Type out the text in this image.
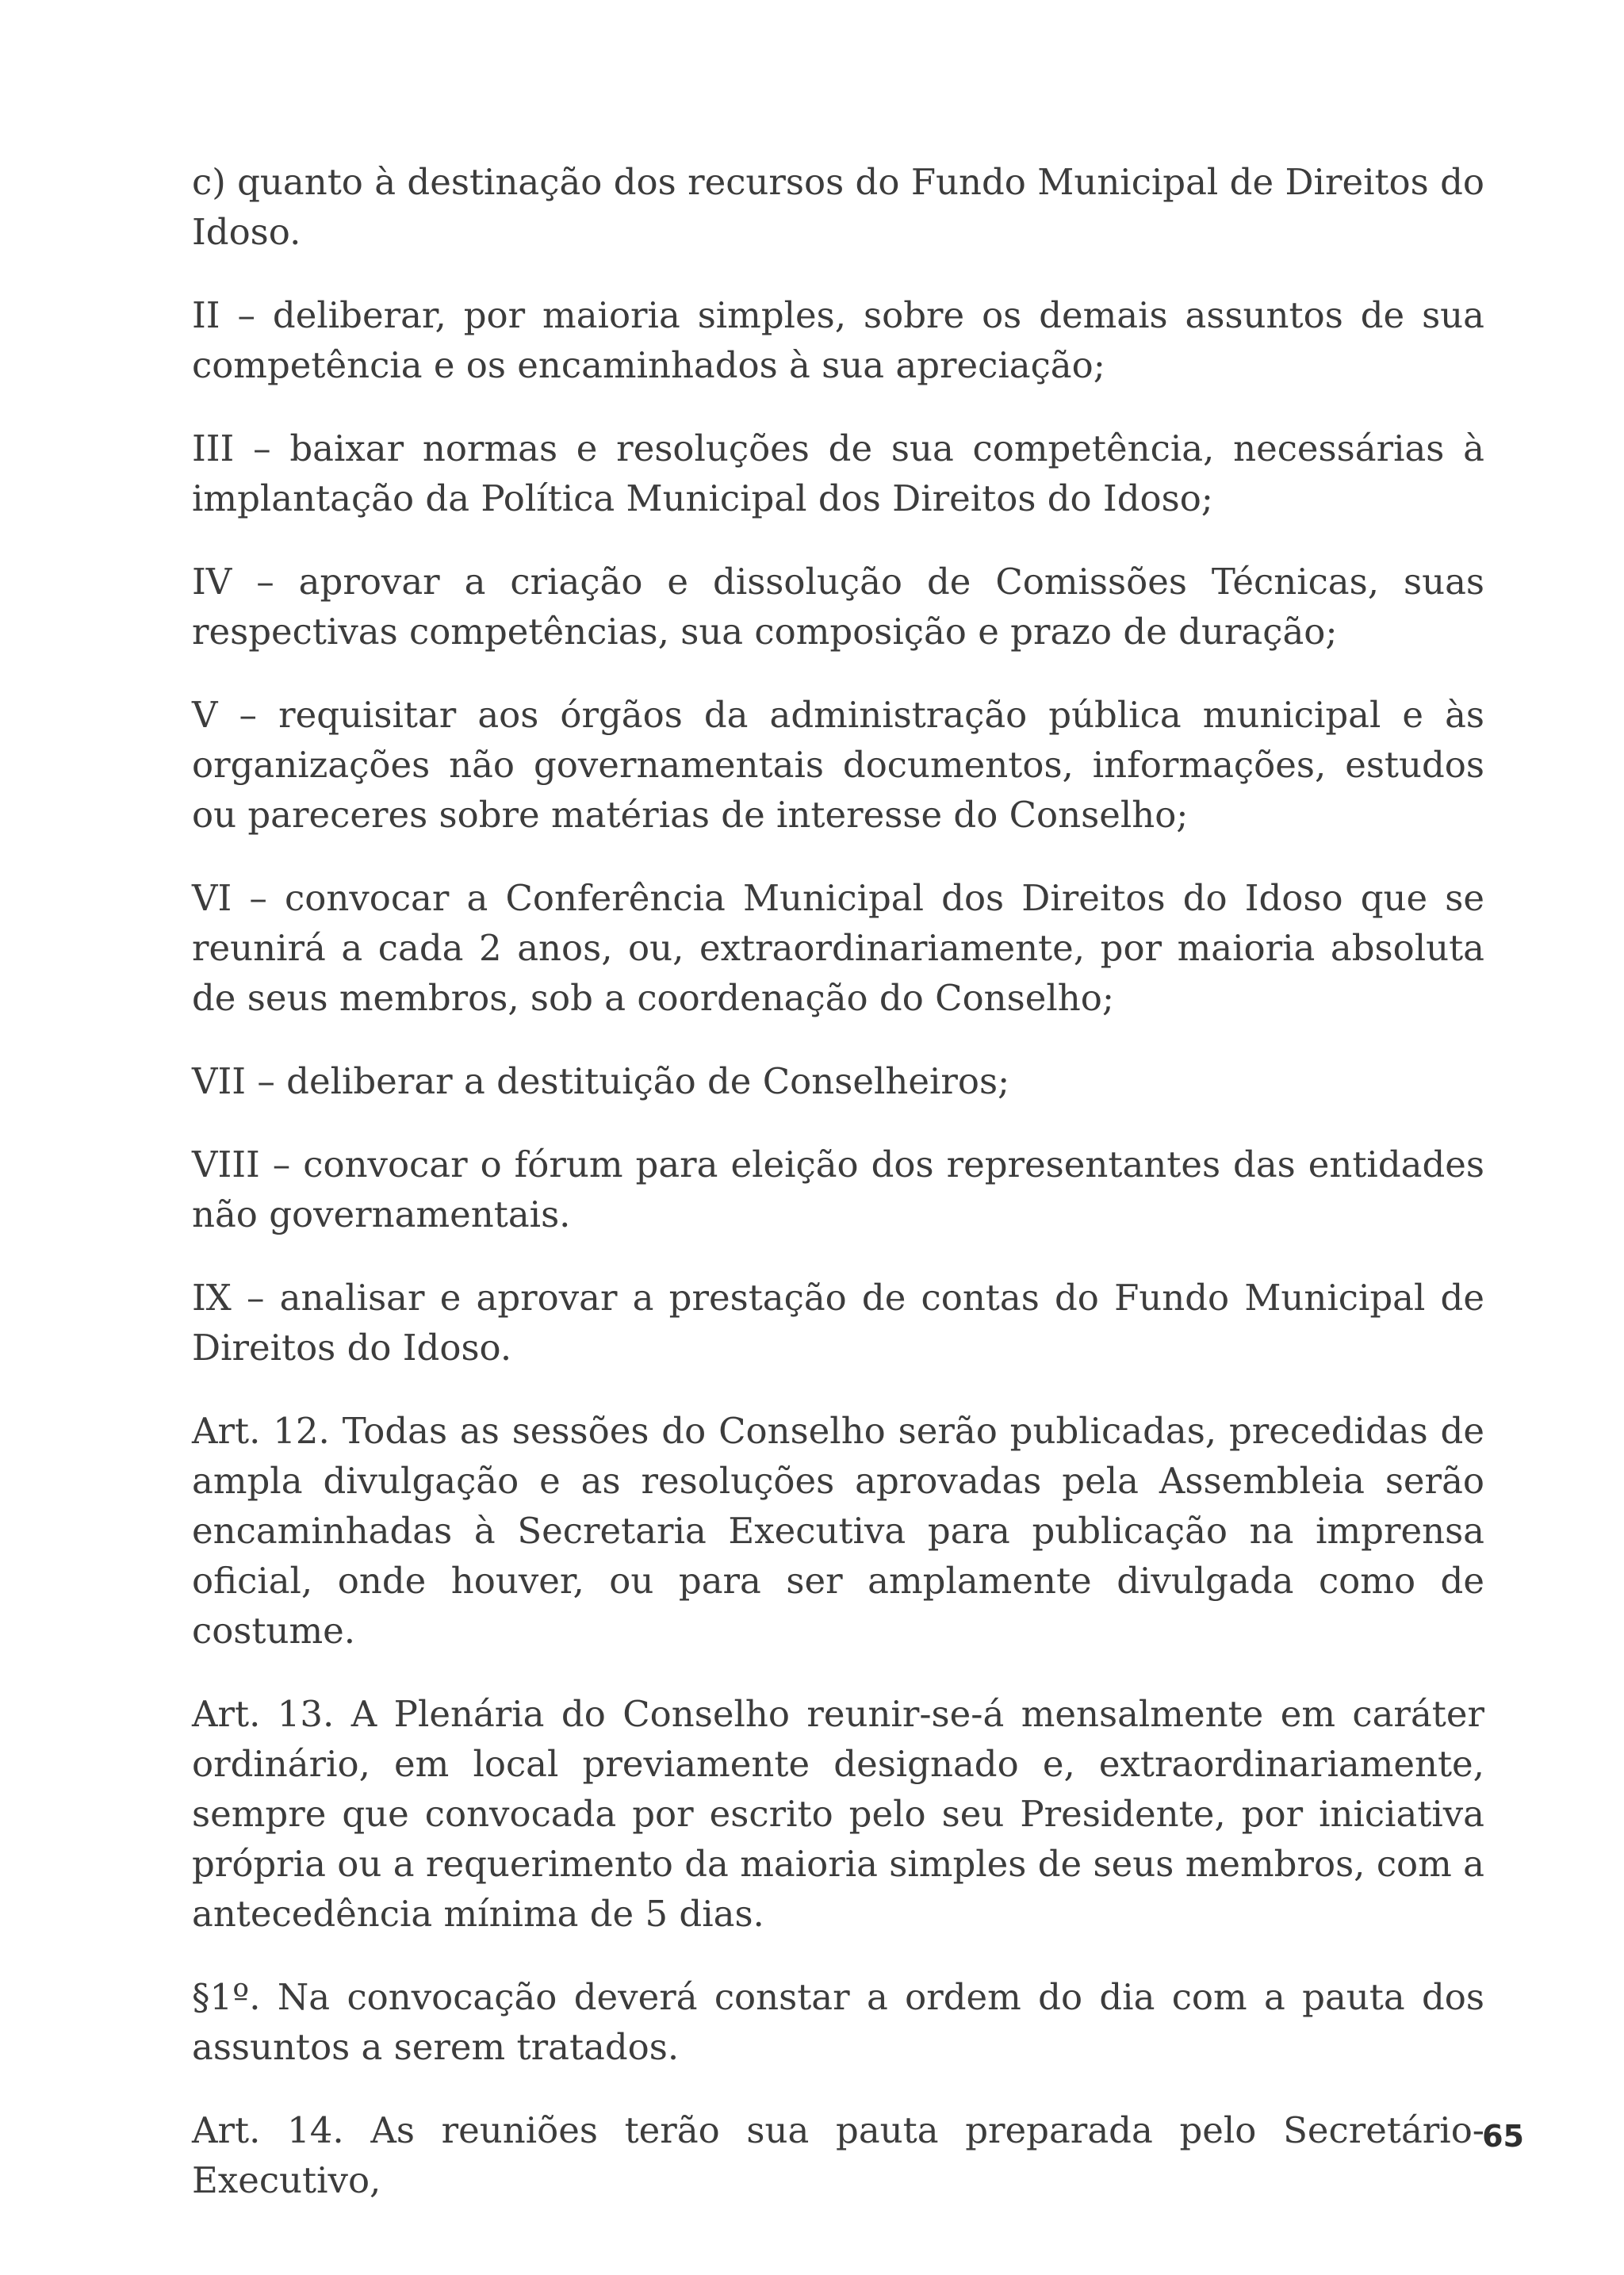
c) quanto à destinação dos recursos do Fundo Municipal de Direitos do Idoso.

II – deliberar, por maioria simples, sobre os demais assuntos de sua competência e os encaminhados à sua apreciação;

III – baixar normas e resoluções de sua competência, necessárias à implantação da Política Municipal dos Direitos do Idoso;

IV – aprovar a criação e dissolução de Comissões Técnicas, suas respectivas competências, sua composição e prazo de duração;

V – requisitar aos órgãos da administração pública municipal e às organizações não governamentais documentos, informações, estudos ou pareceres sobre matérias de interesse do Conselho;

VI – convocar a Conferência Municipal dos Direitos do Idoso que se reunirá a cada 2 anos, ou, extraordinariamente, por maioria absoluta de seus membros, sob a coordenação do Conselho;

VII – deliberar a destituição de Conselheiros;

VIII – convocar o fórum para eleição dos representantes das entidades não governamentais.

IX – analisar e aprovar a prestação de contas do Fundo Municipal de Direitos do Idoso.

Art. 12. Todas as sessões do Conselho serão publicadas, precedidas de ampla divulgação e as resoluções aprovadas pela Assembleia serão encaminhadas à Secretaria Executiva para publicação na imprensa oficial, onde houver, ou para ser amplamente divulgada como de costume.

Art. 13. A Plenária do Conselho reunir-se-á mensalmente em caráter ordinário, em local previamente designado e, extraordinariamente, sempre que convocada por escrito pelo seu Presidente, por iniciativa própria ou a requerimento da maioria simples de seus membros, com a antecedência mínima de 5 dias.

§1º. Na convocação deverá constar a ordem do dia com a pauta dos assuntos a serem tratados.

Art. 14. As reuniões terão sua pauta preparada pelo Secretário-Executivo,

65
